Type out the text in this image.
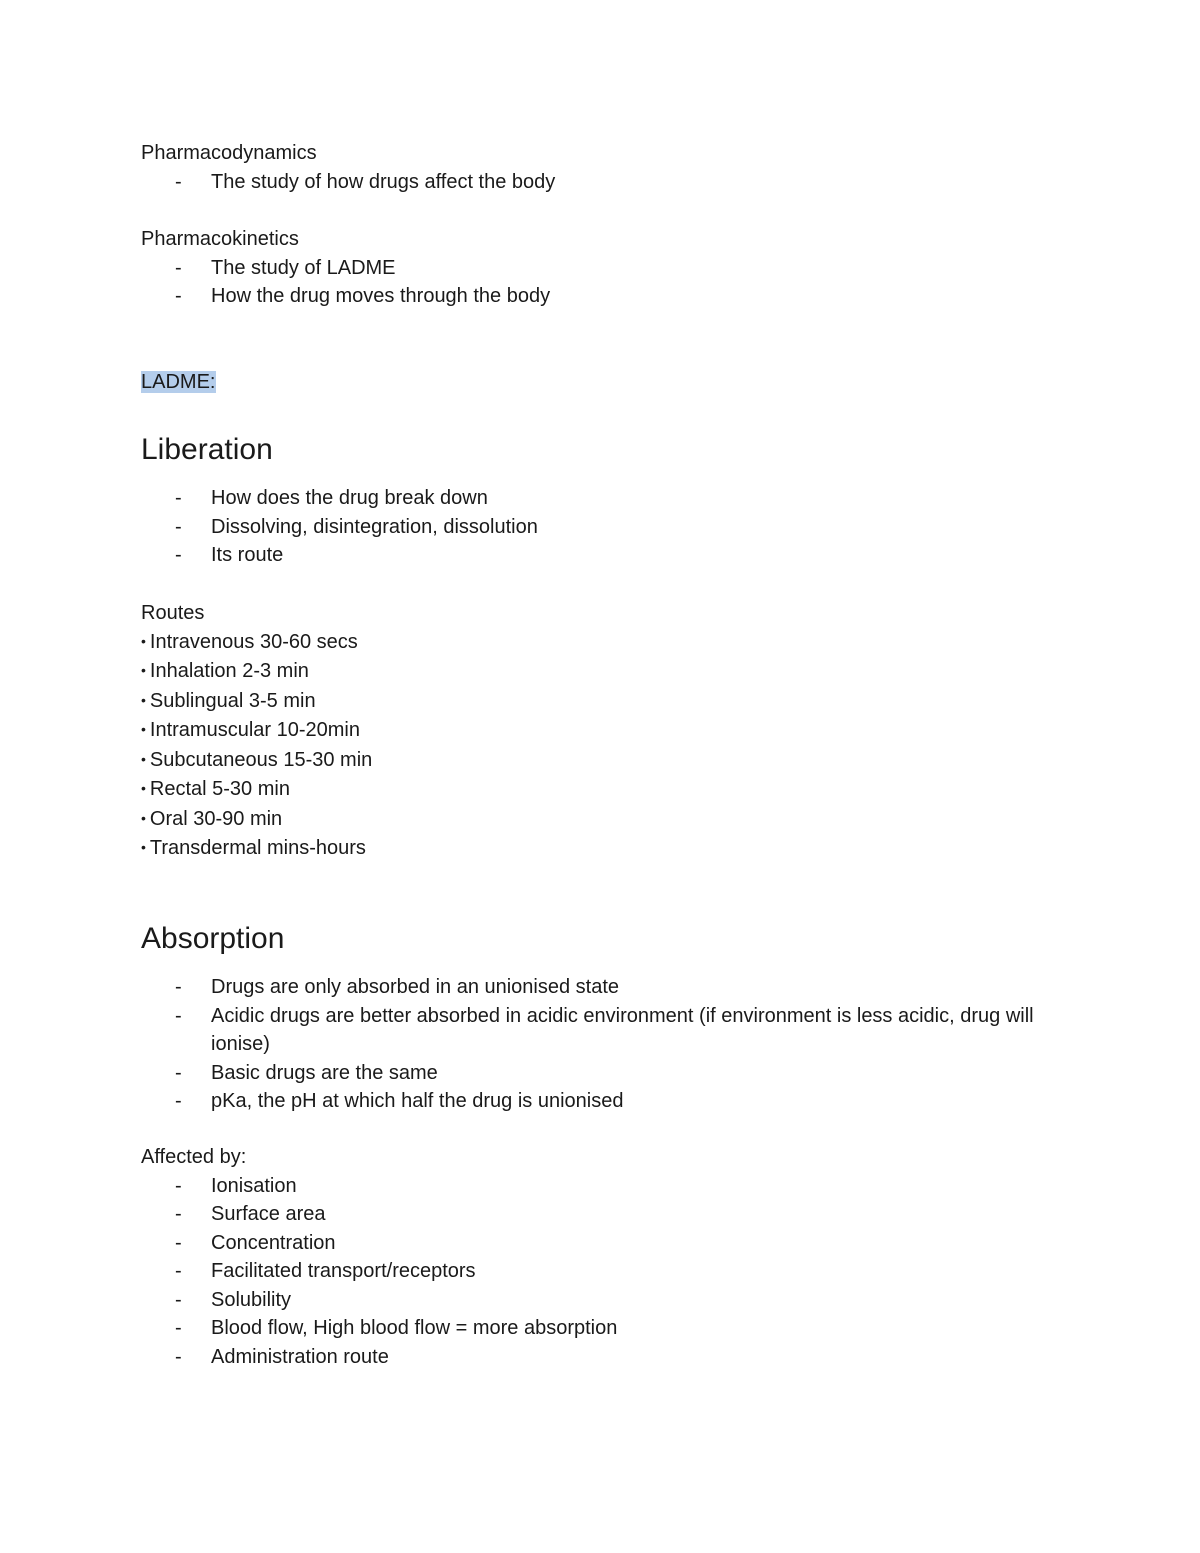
Pharmacodynamics
- The study of how drugs affect the body
Pharmacokinetics
- The study of LADME
- How the drug moves through the body
LADME:
Liberation
- How does the drug break down
- Dissolving, disintegration, dissolution
- Its route
Routes
• Intravenous 30-60 secs
• Inhalation 2-3 min
• Sublingual 3-5 min
• Intramuscular 10-20min
• Subcutaneous 15-30 min
• Rectal 5-30 min
• Oral 30-90 min
• Transdermal mins-hours
Absorption
- Drugs are only absorbed in an unionised state
- Acidic drugs are better absorbed in acidic environment (if environment is less acidic, drug will ionise)
- Basic drugs are the same
- pKa, the pH at which half the drug is unionised
Affected by:
- Ionisation
- Surface area
- Concentration
- Facilitated transport/receptors
- Solubility
- Blood flow, High blood flow = more absorption
- Administration route
